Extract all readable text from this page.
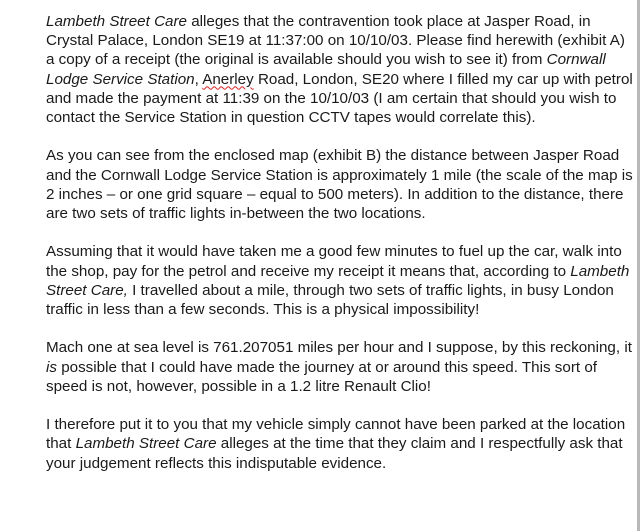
Lambeth Street Care alleges that the contravention took place at Jasper Road, in Crystal Palace, London SE19 at 11:37:00 on 10/10/03. Please find herewith (exhibit A) a copy of a receipt (the original is available should you wish to see it) from Cornwall Lodge Service Station, Anerley Road, London, SE20 where I filled my car up with petrol and made the payment at 11:39 on the 10/10/03 (I am certain that should you wish to contact the Service Station in question CCTV tapes would correlate this).

As you can see from the enclosed map (exhibit B) the distance between Jasper Road and the Cornwall Lodge Service Station is approximately 1 mile (the scale of the map is 2 inches – or one grid square – equal to 500 meters). In addition to the distance, there are two sets of traffic lights in-between the two locations.

Assuming that it would have taken me a good few minutes to fuel up the car, walk into the shop, pay for the petrol and receive my receipt it means that, according to Lambeth Street Care, I travelled about a mile, through two sets of traffic lights, in busy London traffic in less than a few seconds. This is a physical impossibility!

Mach one at sea level is 761.207051 miles per hour and I suppose, by this reckoning, it is possible that I could have made the journey at or around this speed. This sort of speed is not, however, possible in a 1.2 litre Renault Clio!

I therefore put it to you that my vehicle simply cannot have been parked at the location that Lambeth Street Care alleges at the time that they claim and I respectfully ask that your judgement reflects this indisputable evidence.
